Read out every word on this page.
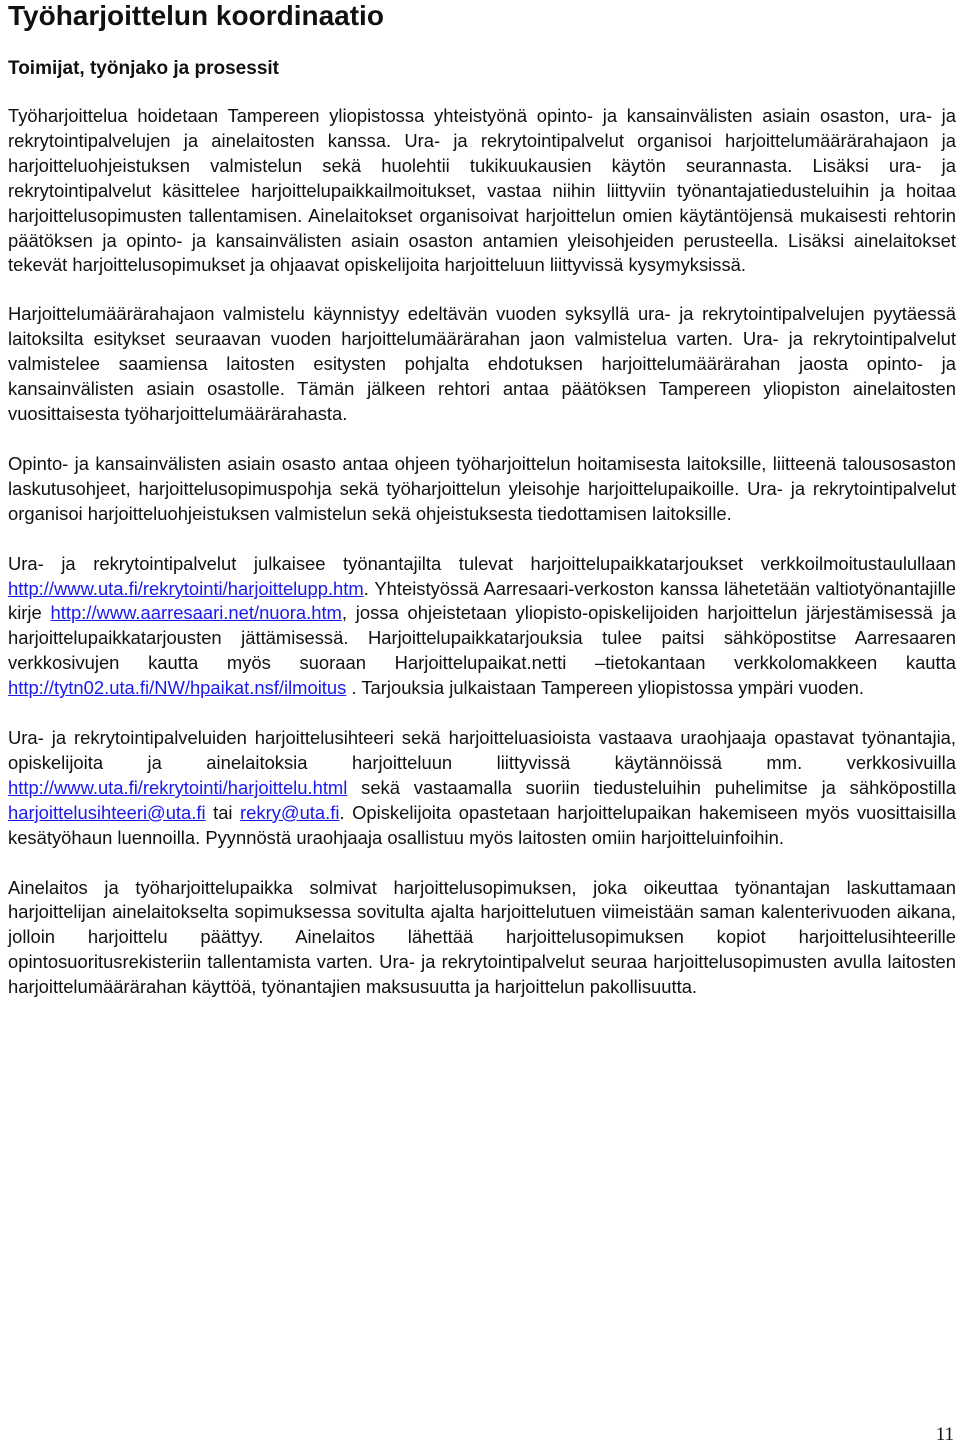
Työharjoittelun koordinaatio
Toimijat, työnjako ja prosessit

Työharjoittelua hoidetaan Tampereen yliopistossa yhteistyönä opinto- ja kansainvälisten asiain osaston, ura- ja rekrytointipalvelujen ja ainelaitosten kanssa. Ura- ja rekrytointipalvelut organisoi harjoittelumäärärahajaon ja harjoitteluohjeistuksen valmistelun sekä huolehtii tukikuukausien käytön seurannasta. Lisäksi ura- ja rekrytointipalvelut käsittelee harjoittelupaikkailmoitukset, vastaa niihin liittyviin työnantajatiedusteluihin ja hoitaa harjoittelusopimusten tallentamisen. Ainelaitokset organisoivat harjoittelun omien käytäntöjensä mukaisesti rehtorin päätöksen ja opinto- ja kansainvälisten asiain osaston antamien yleisohjeiden perusteella. Lisäksi ainelaitokset tekevät harjoittelusopimukset ja ohjaavat opiskelijoita harjoitteluun liittyvissä kysymyksissä.

Harjoittelumäärärahajaon valmistelu käynnistyy edeltävän vuoden syksyllä ura- ja rekrytointipalvelujen pyytäessä laitoksilta esitykset seuraavan vuoden harjoittelumäärärahan jaon valmistelua varten. Ura- ja rekrytointipalvelut valmistelee saamiensa laitosten esitysten pohjalta ehdotuksen harjoittelumäärärahan jaosta opinto- ja kansainvälisten asiain osastolle. Tämän jälkeen rehtori antaa päätöksen Tampereen yliopiston ainelaitosten vuosittaisesta työharjoittelumäärärahasta.

Opinto- ja kansainvälisten asiain osasto antaa ohjeen työharjoittelun hoitamisesta laitoksille, liitteenä talousosaston laskutusohjeet, harjoittelusopimuspohja sekä työharjoittelun yleisohje harjoittelupaikoille. Ura- ja rekrytointipalvelut organisoi harjoitteluohjeistuksen valmistelun sekä ohjeistuksesta tiedottamisen laitoksille.

Ura- ja rekrytointipalvelut julkaisee työnantajilta tulevat harjoittelupaikkatarjoukset verkkoilmoitustaulullaan http://www.uta.fi/rekrytointi/harjoittelupp.htm. Yhteistyössä Aarresaari-verkoston kanssa lähetetään valtiotyönantajille kirje http://www.aarresaari.net/nuora.htm, jossa ohjeistetaan yliopisto-opiskelijoiden harjoittelun järjestämisessä ja harjoittelupaikkatarjousten jättämisessä. Harjoittelupaikkatarjouksia tulee paitsi sähköpostitse Aarresaaren verkkosivujen kautta myös suoraan Harjoittelupaikat.netti –tietokantaan verkkolomakkeen kautta http://tytn02.uta.fi/NW/hpaikat.nsf/ilmoitus . Tarjouksia julkaistaan Tampereen yliopistossa ympäri vuoden.

Ura- ja rekrytointipalveluiden harjoittelusihteeri sekä harjoitteluasioista vastaava uraohjaaja opastavat työnantajia, opiskelijoita ja ainelaitoksia harjoitteluun liittyvissä käytännöissä mm. verkkosivuilla http://www.uta.fi/rekrytointi/harjoittelu.html sekä vastaamalla suoriin tiedusteluihin puhelimitse ja sähköpostilla harjoittelusihteeri@uta.fi tai rekry@uta.fi. Opiskelijoita opastetaan harjoittelupaikan hakemiseen myös vuosittaisilla kesätyöhaun luennoilla. Pyynnöstä uraohjaaja osallistuu myös laitosten omiin harjoitteluinfoihin.

Ainelaitos ja työharjoittelupaikka solmivat harjoittelusopimuksen, joka oikeuttaa työnantajan laskuttamaan harjoittelijan ainelaitokselta sopimuksessa sovitulta ajalta harjoittelutuen viimeistään saman kalenterivuoden aikana, jolloin harjoittelu päättyy. Ainelaitos lähettää harjoittelusopimuksen kopiot harjoittelusihteerille opintosuoritusrekisteriin tallentamista varten. Ura- ja rekrytointipalvelut seuraa harjoittelusopimusten avulla laitosten harjoittelumäärärahan käyttöä, työnantajien maksusuutta ja harjoittelun pakollisuutta.

11
